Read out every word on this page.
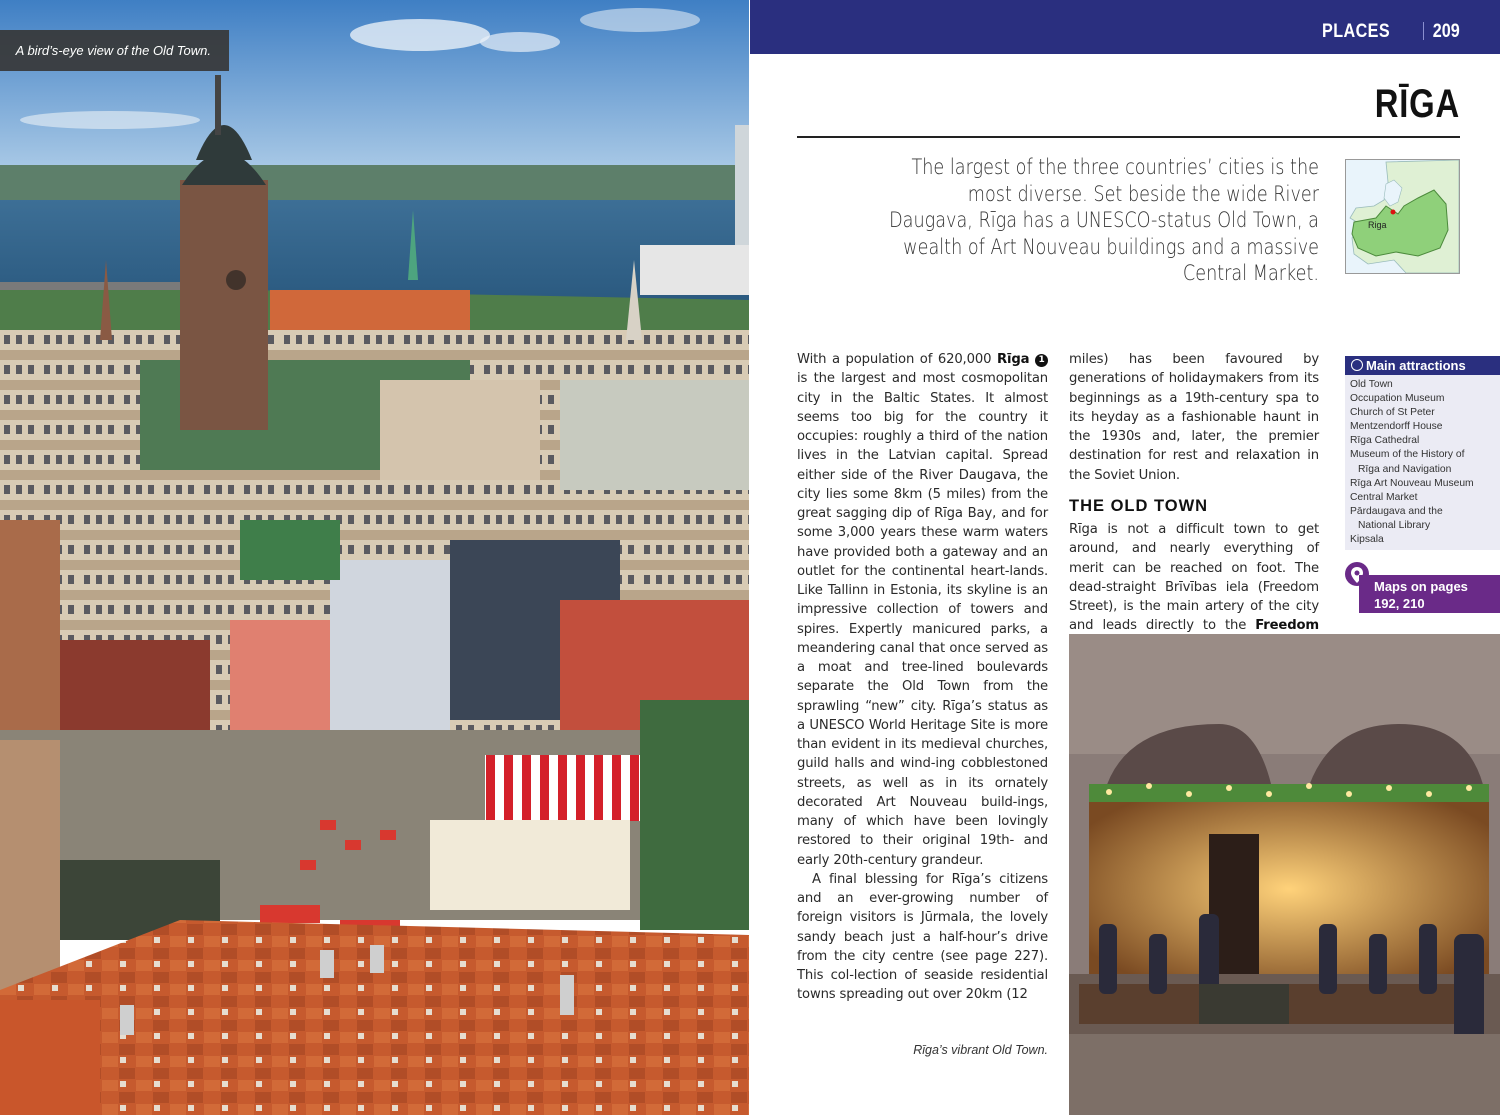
A bird’s-eye view of the Old Town.
PLACES 209
RĪGA
The largest of the three countries’ cities is the most diverse. Set beside the wide River Daugava, Rīga has a UNESCO-status Old Town, a wealth of Art Nouveau buildings and a massive Central Market.
Riga

With a population of 620,000 Rīga 1 is the largest and most cosmopolitan city in the Baltic States. It almost seems too big for the country it occupies: roughly a third of the nation lives in the Latvian capital. Spread either side of the River Daugava, the city lies some 8km (5 miles) from the great sagging dip of Rīga Bay, and for some 3,000 years these warm waters have provided both a gateway and an outlet for the continental heart-lands. Like Tallinn in Estonia, its skyline is an impressive collection of towers and spires. Expertly manicured parks, a meandering canal that once served as a moat and tree-lined boulevards separate the Old Town from the sprawling “new” city. Rīga’s status as a UNESCO World Heritage Site is more than evident in its medieval churches, guild halls and wind-ing cobblestoned streets, as well as in its ornately decorated Art Nouveau build-ings, many of which have been lovingly restored to their original 19th- and early 20th-century grandeur.

A final blessing for Rīga’s citizens and an ever-growing number of foreign visitors is Jūrmala, the lovely sandy beach just a half-hour’s drive from the city centre (see page 227). This col-lection of seaside residential towns spreading out over 20km (12

miles) has been favoured by generations of holidaymakers from its beginnings as a 19th-century spa to its heyday as a fashionable haunt in the 1930s and, later, the premier destination for rest and relaxation in the Soviet Union.

THE OLD TOWN

Rīga is not a difficult town to get around, and nearly everything of merit can be reached on foot. The dead-straight Brīvības iela (Freedom Street), is the main artery of the city and leads directly to the Freedom

Rīga’s vibrant Old Town.
Main attractions
Old Town
Occupation Museum
Church of St Peter
Mentzendorff House
Rīga Cathedral
Museum of the History of
Rīga and Navigation
Rīga Art Nouveau Museum
Central Market
Pārdaugava and the
National Library
Kipsala
Maps on pages
192, 210
